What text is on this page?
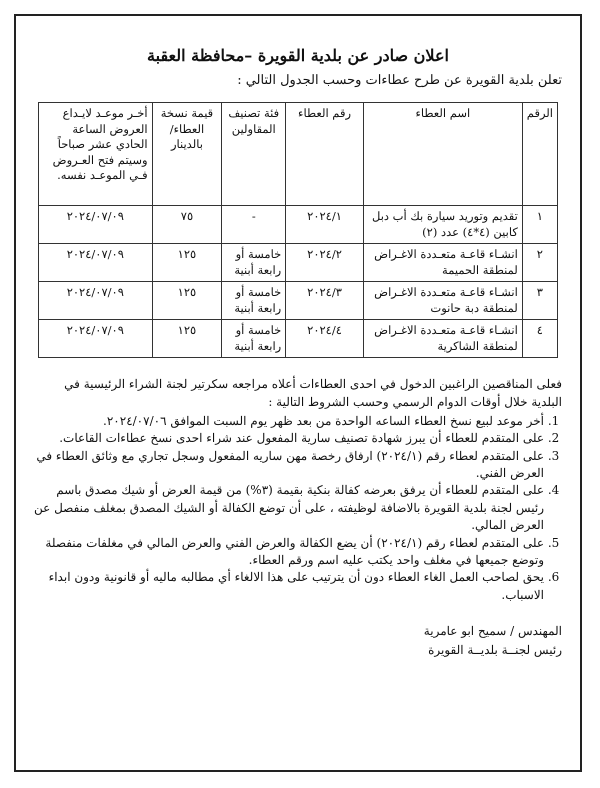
اعلان صادر عن بلدية القويرة –محافظة العقبة
تعلن بلدية القويرة عن طرح عطاءات وحسب الجدول التالي :
الرقم	اسم العطاء	رقم العطاء	فئة تصنيف المقاولين	قيمة نسخة العطاء/بالدينار	أخـر موعـد لايـداع العروض الساعة الحادي عشر صباحاً وسيتم فتح العـروض فـي الموعـد نفسه.
١	تقديم وتوريد سيارة بك أب دبل كابين (٤*٤) عدد (٢)	٢٠٢٤/١	-	٧٥	٢٠٢٤/٠٧/٠٩
٢	انشـاء قاعـة متعـددة الاغـراض لمنطقة الحميمة	٢٠٢٤/٢	خامسة أو رابعة أبنية	١٢٥	٢٠٢٤/٠٧/٠٩
٣	انشـاء قاعـة متعـددة الاغـراض لمنطقة دبة حانوت	٢٠٢٤/٣	خامسة أو رابعة أبنية	١٢٥	٢٠٢٤/٠٧/٠٩
٤	انشـاء قاعـة متعـددة الاغـراض لمنطقة الشاكرية	٢٠٢٤/٤	خامسة أو رابعة أبنية	١٢٥	٢٠٢٤/٠٧/٠٩
فعلى المناقصين الراغبين الدخول في احدى العطاءات أعلاه مراجعه سكرتير لجنة الشراء الرئيسية في البلدية خلال أوقات الدوام الرسمي وحسب الشروط التالية :
1. أخر موعد لبيع نسخ العطاء الساعه الواحدة من بعد ظهر يوم السبت الموافق ٢٠٢٤/٠٧/٠٦.
2. على المتقدم للعطاء أن يبرز شهادة تصنيف سارية المفعول عند شراء احدى نسخ عطاءات القاعات.
3. على المتقدم لعطاء رقم (٢٠٢٤/١) ارفاق رخصة مهن ساريه المفعول وسجل تجاري مع وثائق العطاء في العرض الفني.
4. على المتقدم للعطاء أن يرفق بعرضه كفالة بنكية بقيمة (٣%) من قيمة العرض أو شيك مصدق باسم رئيس لجنة بلدية القويرة بالاضافة لوظيفته ، على أن توضع الكفالة أو الشيك المصدق بمغلف منفصل عن العرض المالي.
5. على المتقدم لعطاء رقم (٢٠٢٤/١) أن يضع الكفالة والعرض الفني والعرض المالي في مغلفات منفصلة وتوضع جميعها في مغلف واحد يكتب عليه اسم ورقم العطاء.
6. يحق لصاحب العمل الغاء العطاء دون أن يترتيب على هذا الالغاء أي مطالبه ماليه أو قانونية ودون ابداء الاسباب.
المهندس / سميح ابو عامرية
رئيس لجنــة بلديــة القويرة
